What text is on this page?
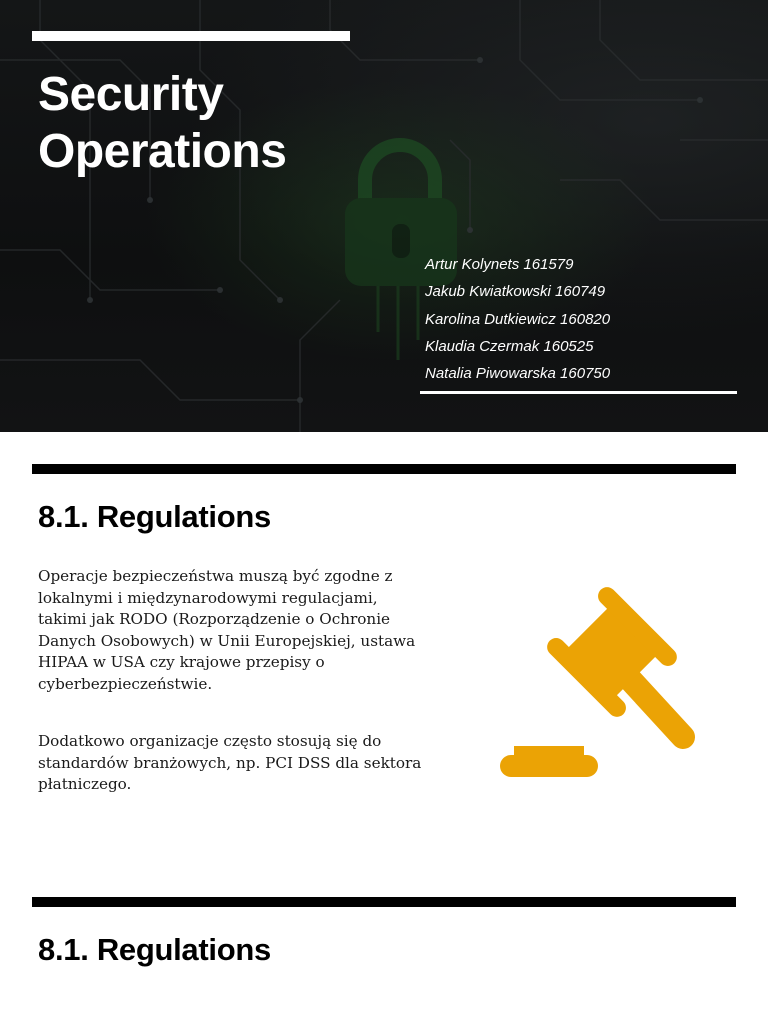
Security
Operations
Artur Kolynets 161579
Jakub Kwiatkowski 160749
Karolina Dutkiewicz 160820
Klaudia Czermak 160525
Natalia Piwowarska 160750
8.1. Regulations

Operacje bezpieczeństwa muszą być zgodne z lokalnymi i międzynarodowymi regulacjami, takimi jak RODO (Rozporządzenie o Ochronie Danych Osobowych) w Unii Europejskiej, ustawa HIPAA w USA czy krajowe przepisy o cyberbezpieczeństwie.

Dodatkowo organizacje często stosują się do standardów branżowych, np. PCI DSS dla sektora płatniczego.

8.1. Regulations
